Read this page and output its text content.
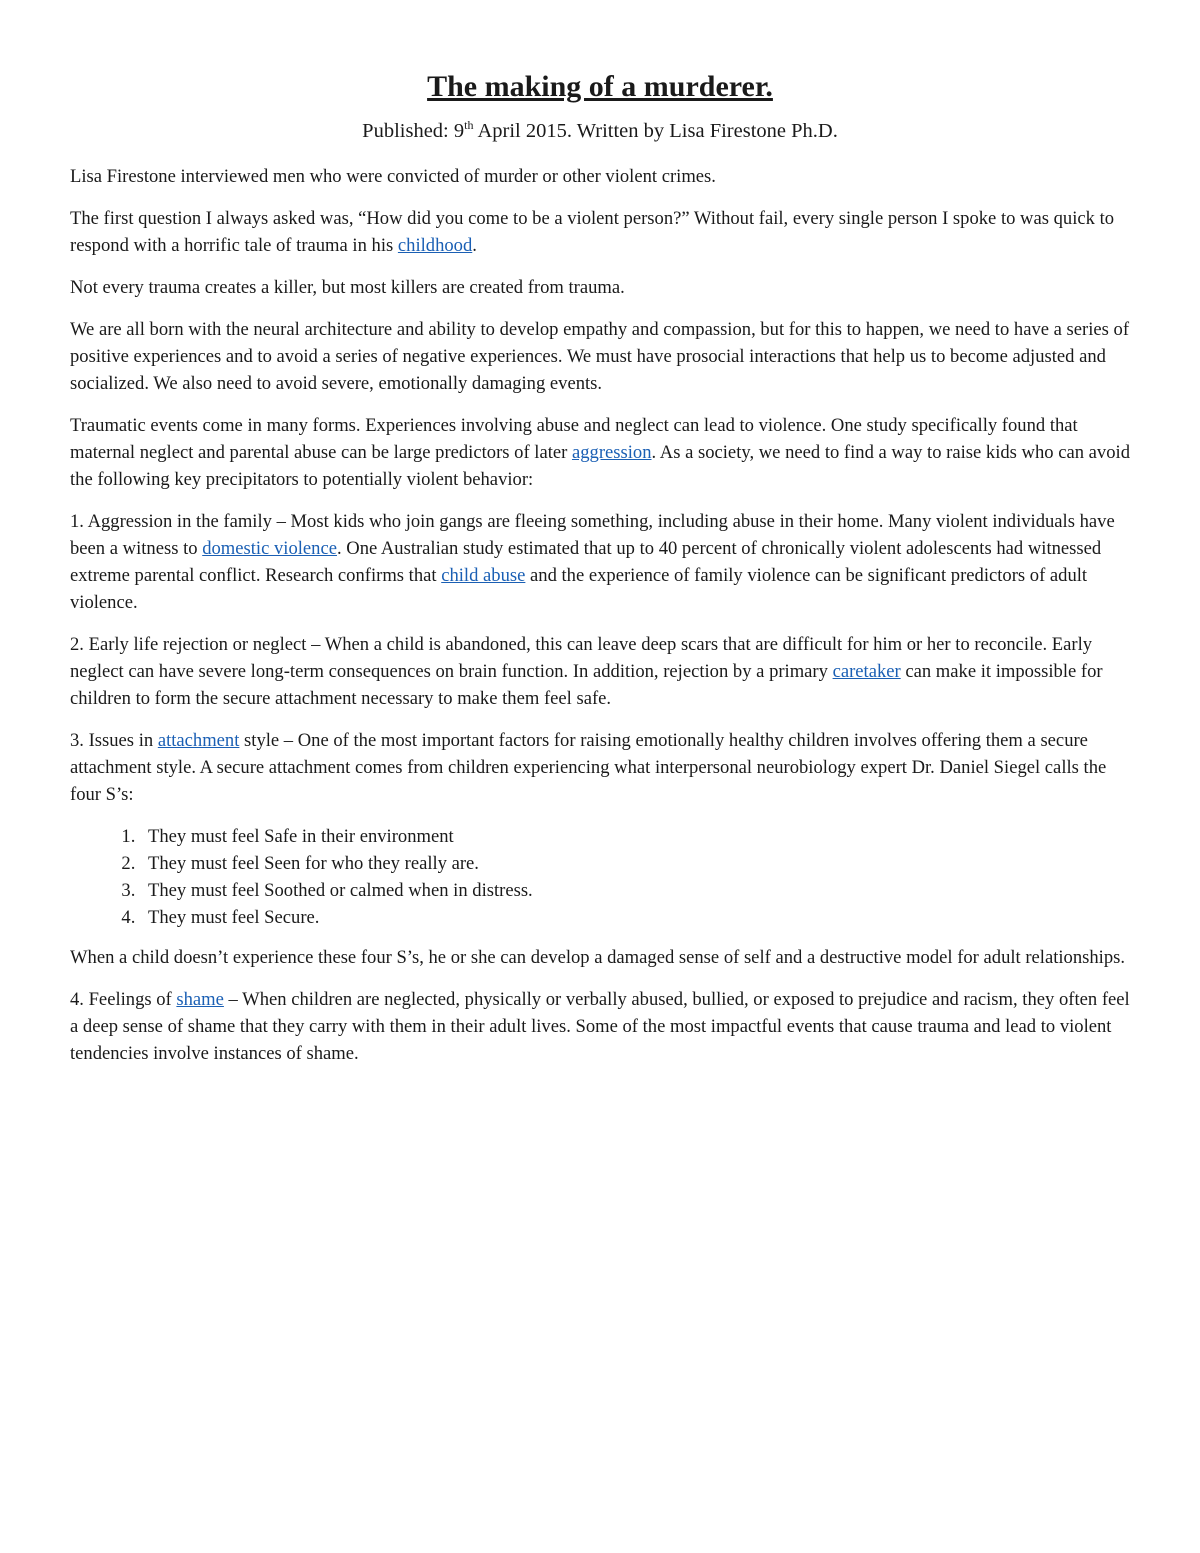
The making of a murderer.

Published: 9th April 2015. Written by Lisa Firestone Ph.D.

Lisa Firestone interviewed men who were convicted of murder or other violent crimes.

The first question I always asked was, “How did you come to be a violent person?” Without fail, every single person I spoke to was quick to respond with a horrific tale of trauma in his childhood.

Not every trauma creates a killer, but most killers are created from trauma.

We are all born with the neural architecture and ability to develop empathy and compassion, but for this to happen, we need to have a series of positive experiences and to avoid a series of negative experiences. We must have prosocial interactions that help us to become adjusted and socialized. We also need to avoid severe, emotionally damaging events.

Traumatic events come in many forms. Experiences involving abuse and neglect can lead to violence. One study specifically found that maternal neglect and parental abuse can be large predictors of later aggression. As a society, we need to find a way to raise kids who can avoid the following key precipitators to potentially violent behavior:

1. Aggression in the family – Most kids who join gangs are fleeing something, including abuse in their home. Many violent individuals have been a witness to domestic violence. One Australian study estimated that up to 40 percent of chronically violent adolescents had witnessed extreme parental conflict. Research confirms that child abuse and the experience of family violence can be significant predictors of adult violence.

2. Early life rejection or neglect – When a child is abandoned, this can leave deep scars that are difficult for him or her to reconcile. Early neglect can have severe long-term consequences on brain function. In addition, rejection by a primary caretaker can make it impossible for children to form the secure attachment necessary to make them feel safe.

3. Issues in attachment style – One of the most important factors for raising emotionally healthy children involves offering them a secure attachment style. A secure attachment comes from children experiencing what interpersonal neurobiology expert Dr. Daniel Siegel calls the four S’s:

1. They must feel Safe in their environment
2. They must feel Seen for who they really are.
3. They must feel Soothed or calmed when in distress.
4. They must feel Secure.

When a child doesn’t experience these four S’s, he or she can develop a damaged sense of self and a destructive model for adult relationships.

4. Feelings of shame – When children are neglected, physically or verbally abused, bullied, or exposed to prejudice and racism, they often feel a deep sense of shame that they carry with them in their adult lives. Some of the most impactful events that cause trauma and lead to violent tendencies involve instances of shame.
